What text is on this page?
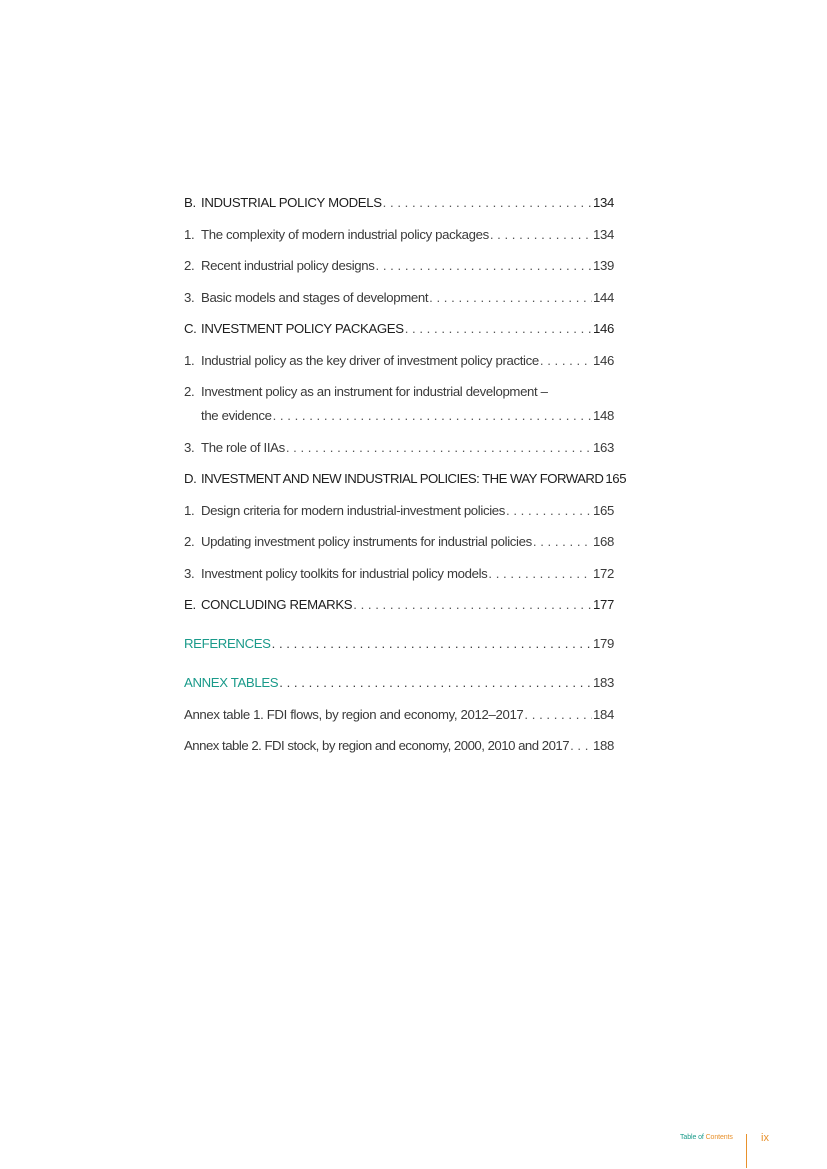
B. INDUSTRIAL POLICY MODELS . . .	134
1. The complexity of modern industrial policy packages . . .	134
2. Recent industrial policy designs . . .	139
3. Basic models and stages of development . . .	144
C. INVESTMENT POLICY PACKAGES . . .	146
1. Industrial policy as the key driver of investment policy practice . . .	146
2. Investment policy as an instrument for industrial development –
the evidence . . .	148
3. The role of IIAs . . .	163
D. INVESTMENT AND NEW INDUSTRIAL POLICIES: THE WAY FORWARD 165
1. Design criteria for modern industrial-investment policies . . .	165
2. Updating investment policy instruments for industrial policies . . .	168
3. Investment policy toolkits for industrial policy models . . .	172
E. CONCLUDING REMARKS . . .	177
REFERENCES . . .	179
ANNEX TABLES . . .	183
Annex table 1. FDI flows, by region and economy, 2012–2017 . . .	184
Annex table 2. FDI stock, by region and economy, 2000, 2010 and 2017 . . . 188
Table of Contents	ix
